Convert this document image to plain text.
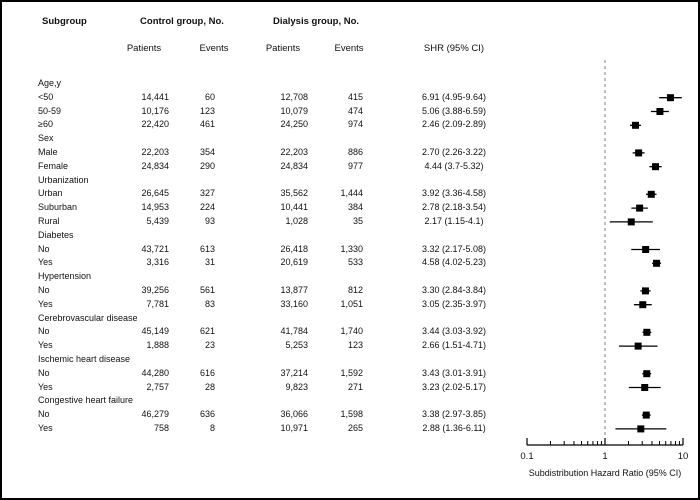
Subgroup	Control group, No.	Dialysis group, No.
Patients	Events	Patients	Events	SHR (95% CI)
Age,y
<50	14,441	60	12,708	415	6.91 (4.95-9.64)
50-59	10,176	123	10,079	474	5.06 (3.88-6.59)
≥60	22,420	461	24,250	974	2.46 (2.09-2.89)
Sex
Male	22,203	354	22,203	886	2.70 (2.26-3.22)
Female	24,834	290	24,834	977	4.44 (3.7-5.32)
Urbanization
Urban	26,645	327	35,562	1,444	3.92 (3.36-4.58)
Suburban	14,953	224	10,441	384	2.78 (2.18-3.54)
Rural	5,439	93	1,028	35	2.17 (1.15-4.1)
Diabetes
No	43,721	613	26,418	1,330	3.32 (2.17-5.08)
Yes	3,316	31	20,619	533	4.58 (4.02-5.23)
Hypertension
No	39,256	561	13,877	812	3.30 (2.84-3.84)
Yes	7,781	83	33,160	1,051	3.05 (2.35-3.97)
Cerebrovascular disease
No	45,149	621	41,784	1,740	3.44 (3.03-3.92)
Yes	1,888	23	5,253	123	2.66 (1.51-4.71)
Ischemic heart disease
No	44,280	616	37,214	1,592	3.43 (3.01-3.91)
Yes	2,757	28	9,823	271	3.23 (2.02-5.17)
Congestive heart failure
No	46,279	636	36,066	1,598	3.38 (2.97-3.85)
Yes	758	8	10,971	265	2.88 (1.36-6.11)
0.1	1	10
Subdistribution Hazard Ratio (95% CI)
